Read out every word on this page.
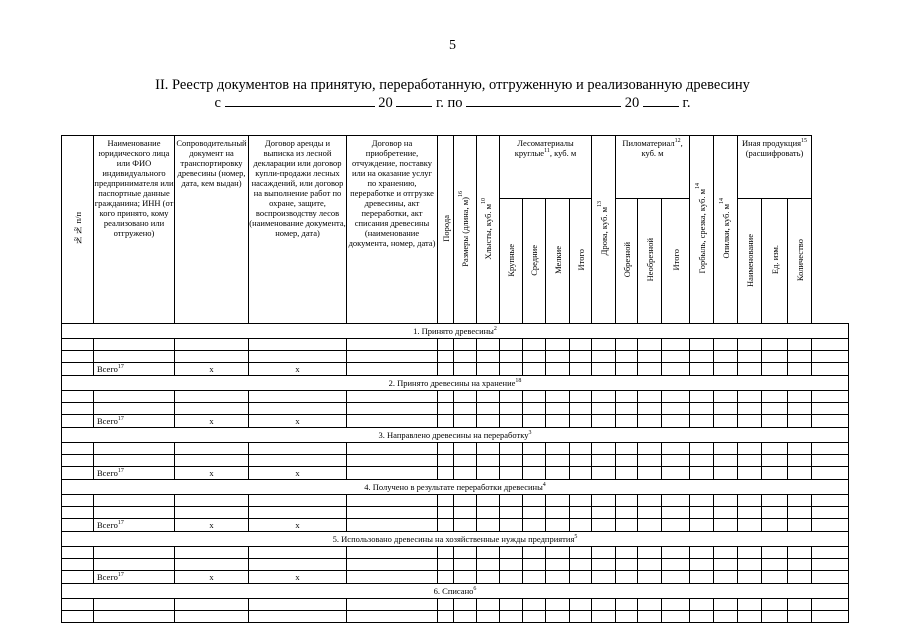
5
II. Реестр документов на принятую, переработанную, отгруженную и реализованную древесину
с	20	г. по	20	г.
№№ п/п	Наименование юридического лица или ФИО индивидуального предпринимателя или паспортные данные гражданина; ИНН (от кого принято, кому реализовано или отгружено)	Сопроводительный документ на транспортировку древесины (номер, дата, кем выдан)	Договор аренды и выписка из лесной декларации или договор купли-продажи лесных насаждений, или договор на выполнение работ по охране, защите, воспроизводству лесов (наименование документа, номер, дата)	Договор на приобретение, отчуждение, поставку или на оказание услуг по хранению, переработке и отгрузке древесины, акт переработки, акт списания древесины (наименование документа, номер, дата)	Порода	Размеры (длина, м)$^{16}$	Хлысты, куб. $м^{10}$	Лесоматериалы круглые$^{11}$, куб. м				Дрова, куб. $м^{13}$	Пиломатериал$^{12}$, куб. м			Горбыль, срезка, куб. $м^{14}$	Опилки, куб. $м^{14}$	Иная продукция$^{15}$
(расшифровать)			
								Крупные	Средние	Мелкие	Итого		Обрезной	Необрезной	Итого			Наименование	Ед. изм.	Количество	
1. Принято древесины$^2$

	Всего$^{17}$	x	x																		
2. Принято древесины на хранение$^{18}$

	Всего$^{17}$	x	x																		
3. Направлено древесины на переработку$^3$

	Всего$^{17}$	x	x																		
4. Получено в результате переработки древесины$^4$

	Всего$^{17}$	x	x																		
5. Использовано древесины на хозяйственные нужды предприятия$^5$

	Всего$^{17}$	x	x																		
6. Списано$^6$
